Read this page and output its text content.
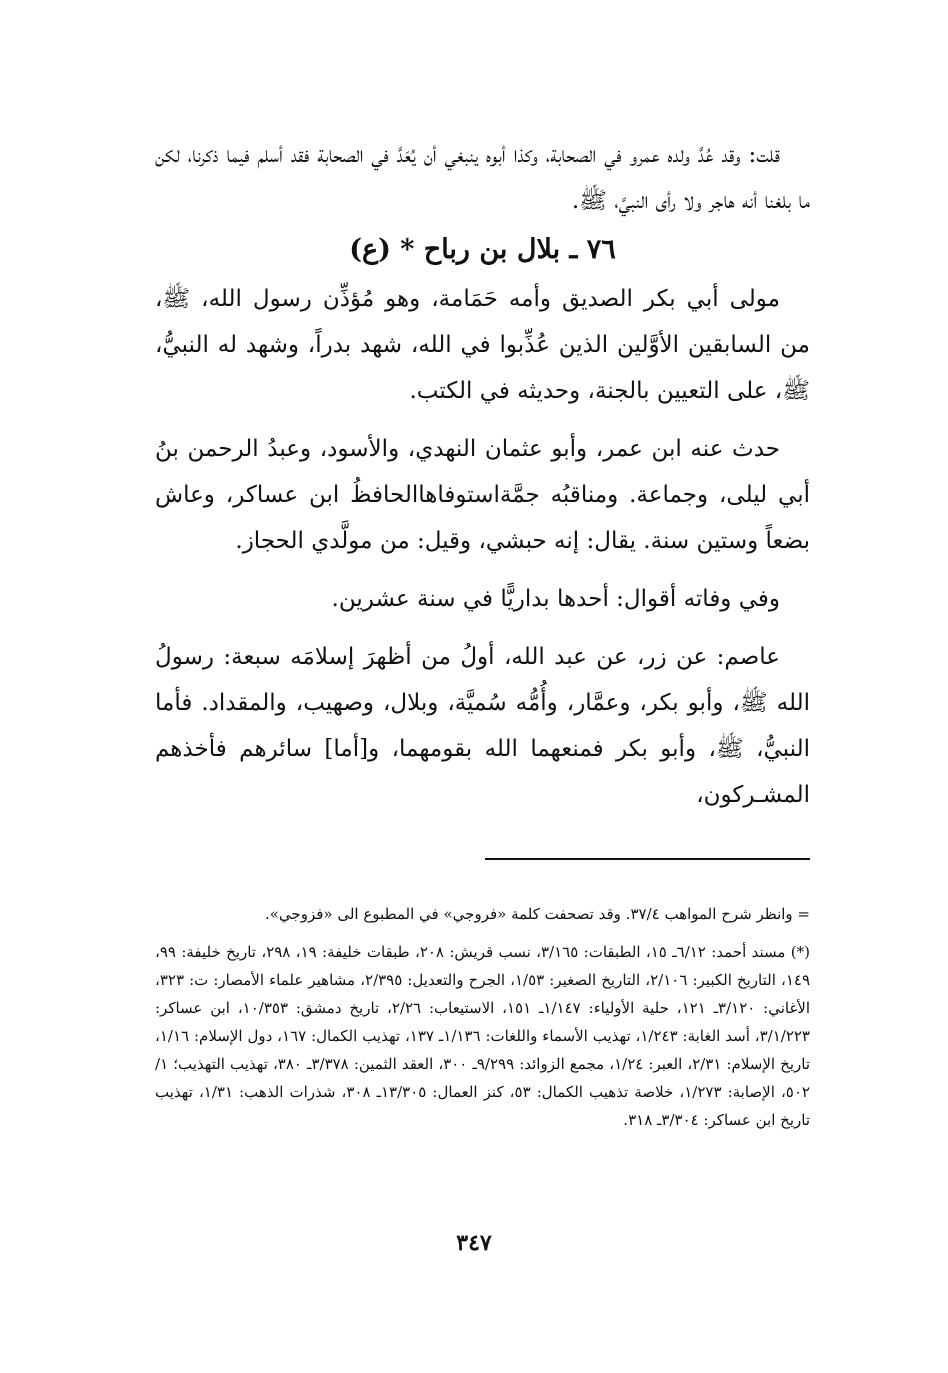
قلت: وقد عُدَّ ولده عمرو في الصحابة، وكذا أبوه ينبغي أن يُعَدَّ في الصحابة فقد أسلم فيما ذكرنا، لكن ما بلغنا أنه هاجر ولا رأى النبيَّ، ﷺ.

٧٦ ـ بلال بن رباح * (ع)

مولى أبي بكر الصديق وأمه حَمَامة، وهو مُؤذِّن رسول الله، ﷺ، من السابقين الأوَّلين الذين عُذِّبوا في الله، شهد بدراً، وشهد له النبيُّ، ﷺ، على التعيين بالجنة، وحديثه في الكتب.

حدث عنه ابن عمر، وأبو عثمان النهدي، والأسود، وعبدُ الرحمن بنُ أبي ليلى، وجماعة. ومناقبُه جمَّةاستوفاهاالحافظُ ابن عساكر، وعاش بضعاً وستين سنة. يقال: إنه حبشي، وقيل: من مولَّدي الحجاز.

وفي وفاته أقوال: أحدها بداريًّا في سنة عشرين.

عاصم: عن زر، عن عبد الله، أولُ من أظهرَ إسلامَه سبعة: رسولُ الله ﷺ، وأبو بكر، وعمَّار، وأُمُّه سُميَّة، وبلال، وصهيب، والمقداد. فأما النبيُّ، ﷺ، وأبو بكر فمنعهما الله بقومهما، و[أما] سائرهم فأخذهم المشـركون،

= وانظر شرح المواهب ٣٧/٤. وقد تصحفت كلمة «فروجي» في المطبوع الى «فزوجي».

(*) مسند أحمد: ٦/١٢ـ ١٥، الطبقات: ٣/١٦٥، نسب قريش: ٢٠٨، طبقات خليفة: ١٩، ٢٩٨، تاريخ خليفة: ٩٩، ١٤٩، التاريخ الكبير: ٢/١٠٦، التاريخ الصغير: ١/٥٣، الجرح والتعديل: ٢/٣٩٥، مشاهير علماء الأمصار: ت: ٣٢٣، الأغاني: ٣/١٢٠ـ ١٢١، حلية الأولياء: ١/١٤٧ـ ١٥١، الاستيعاب: ٢/٢٦، تاريخ دمشق: ١٠/٣٥٣، ابن عساكر: ٣/١/٢٢٣، أسد الغابة: ١/٢٤٣، تهذيب الأسماء واللغات: ١/١٣٦ـ ١٣٧، تهذيب الكمال: ١٦٧، دول الإسلام: ١/١٦، تاريخ الإسلام: ٢/٣١، العبر: ١/٢٤، مجمع الزوائد: ٩/٢٩٩ـ ٣٠٠، العقد الثمين: ٣/٣٧٨ـ ٣٨٠، تهذيب التهذيب؛ ١/ ٥٠٢، الإصابة: ١/٢٧٣، خلاصة تذهيب الكمال: ٥٣، كنز العمال: ١٣/٣٠٥ـ ٣٠٨، شذرات الذهب: ١/٣١، تهذيب تاريخ ابن عساكر: ٣/٣٠٤ـ ٣١٨.

٣٤٧
